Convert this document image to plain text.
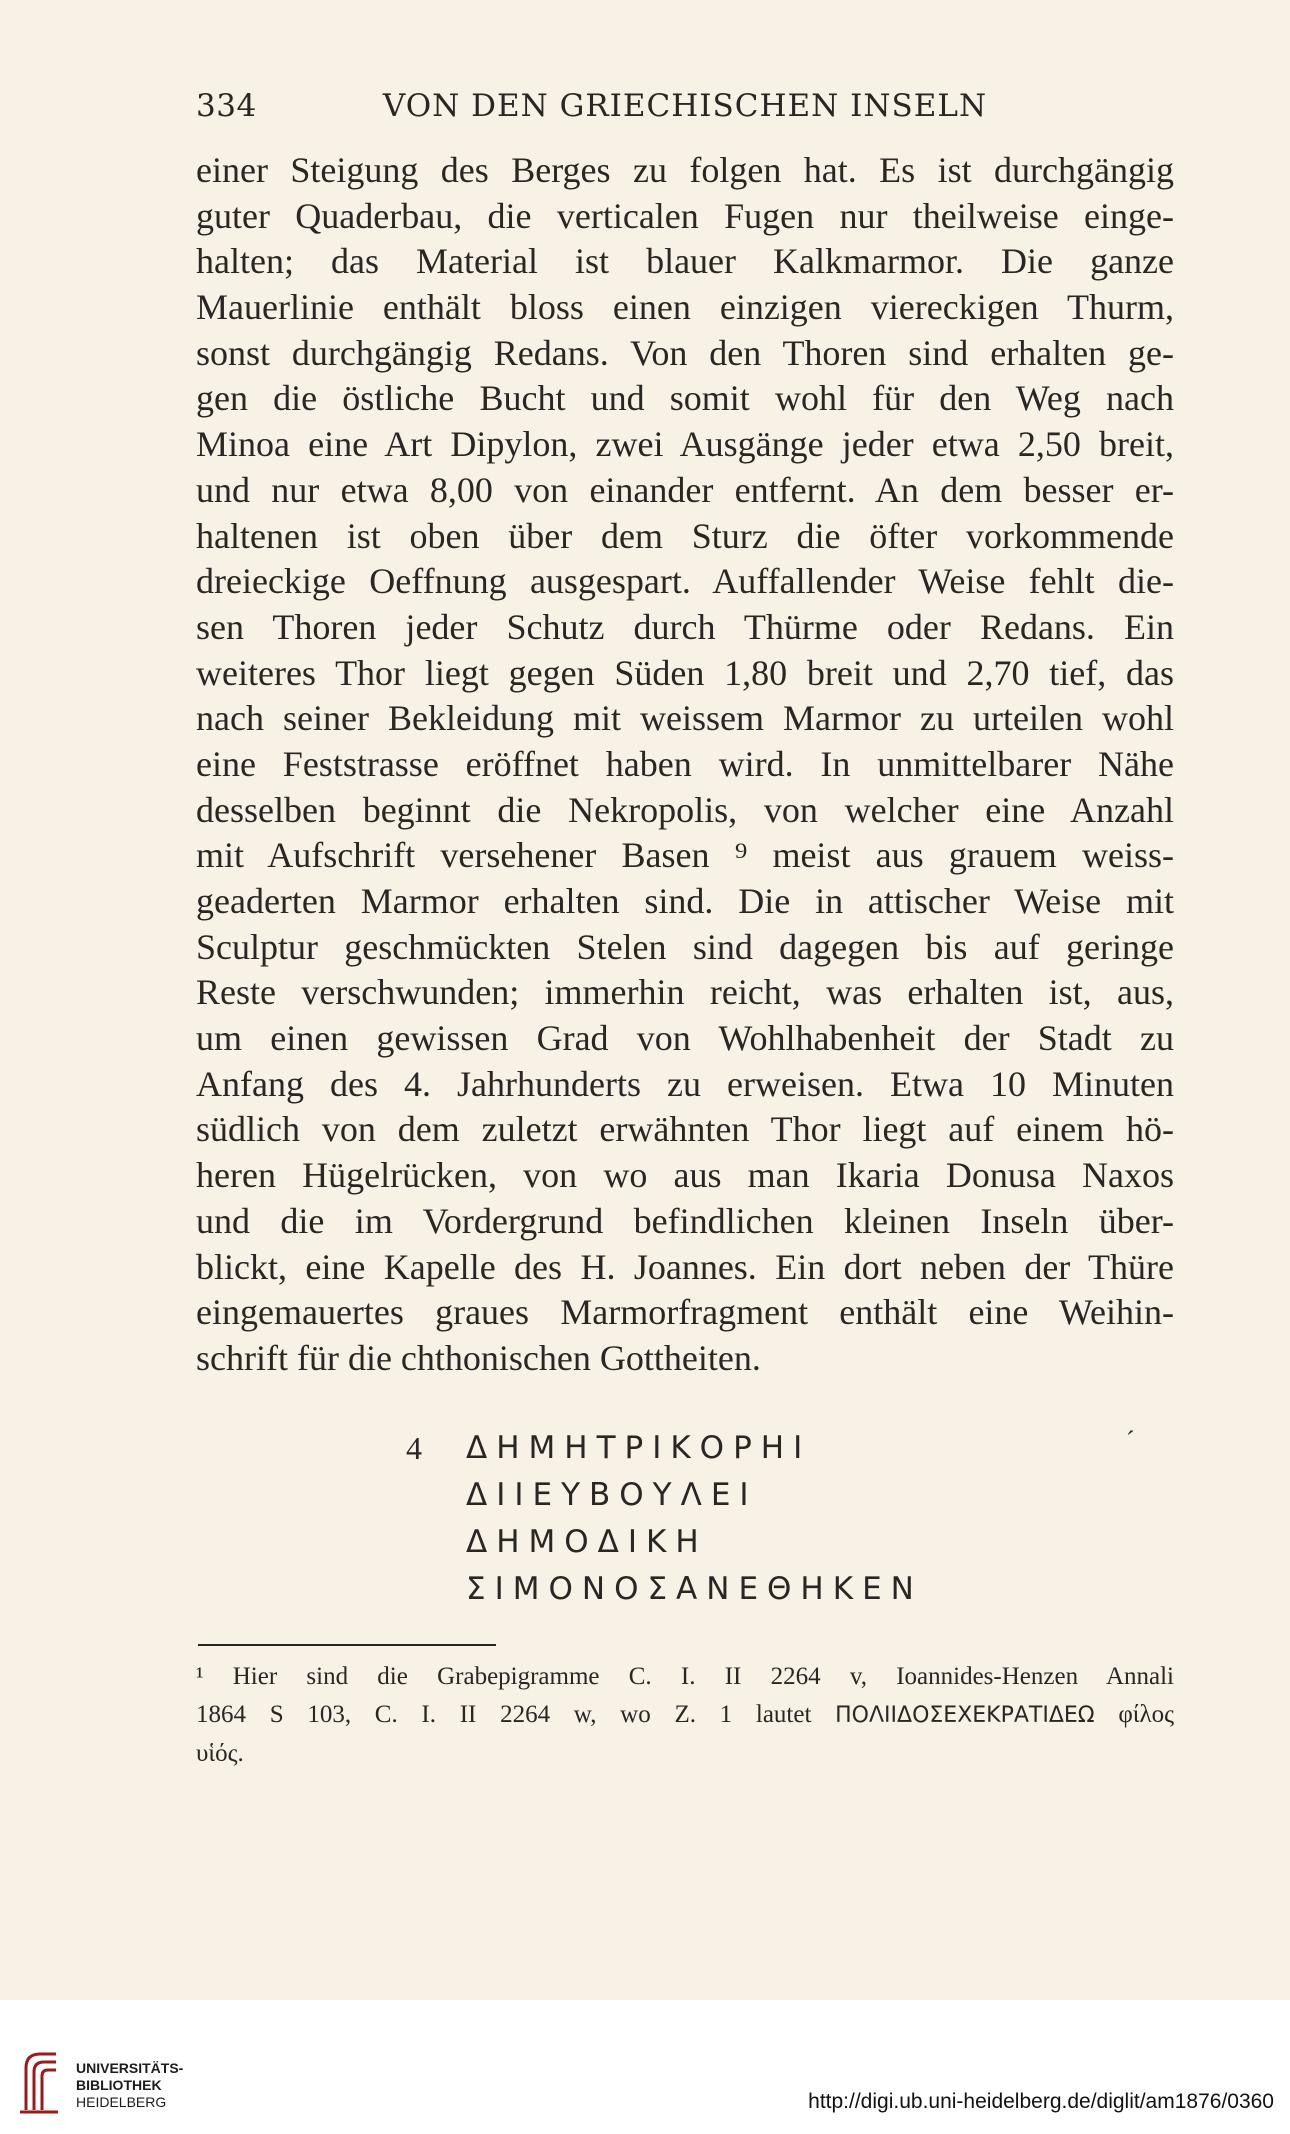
334	VON DEN GRIECHISCHEN INSELN
einer Steigung des Berges zu folgen hat. Es ist durchgängig
guter Quaderbau, die verticalen Fugen nur theilweise einge-
halten; das Material ist blauer Kalkmarmor. Die ganze
Mauerlinie enthält bloss einen einzigen viereckigen Thurm,
sonst durchgängig Redans. Von den Thoren sind erhalten ge-
gen die östliche Bucht und somit wohl für den Weg nach
Minoa eine Art Dipylon, zwei Ausgänge jeder etwa 2,50 breit,
und nur etwa 8,00 von einander entfernt. An dem besser er-
haltenen ist oben über dem Sturz die öfter vorkommende
dreieckige Oeffnung ausgespart. Auffallender Weise fehlt die-
sen Thoren jeder Schutz durch Thürme oder Redans. Ein
weiteres Thor liegt gegen Süden 1,80 breit und 2,70 tief, das
nach seiner Bekleidung mit weissem Marmor zu urteilen wohl
eine Feststrasse eröffnet haben wird. In unmittelbarer Nähe
desselben beginnt die Nekropolis, von welcher eine Anzahl
mit Aufschrift versehener Basen ⁹ meist aus grauem weiss-
geaderten Marmor erhalten sind. Die in attischer Weise mit
Sculptur geschmückten Stelen sind dagegen bis auf geringe
Reste verschwunden; immerhin reicht, was erhalten ist, aus,
um einen gewissen Grad von Wohlhabenheit der Stadt zu
Anfang des 4. Jahrhunderts zu erweisen. Etwa 10 Minuten
südlich von dem zuletzt erwähnten Thor liegt auf einem hö-
heren Hügelrücken, von wo aus man Ikaria Donusa Naxos
und die im Vordergrund befindlichen kleinen Inseln über-
blickt, eine Kapelle des H. Joannes. Ein dort neben der Thüre
eingemauertes graues Marmorfragment enthält eine Weihin-
schrift für die chthonischen Gottheiten.
4	´
ΔΗΜΗΤΡΙΚΟΡΗΙ
ΔΙΙΕΥΒΟΥΛΕΙ
ΔΗΜΟΔΙΚΗ
ΣΙΜΟΝΟΣΑΝΕΘΗΚΕΝ
¹ Hier sind die Grabepigramme C. I. II 2264 v, Ioannides-Henzen Annali
1864 S 103, C. I. II 2264 w, wo Z. 1 lautet ΠΟΛΙΙΔΟΣΕΧΕΚΡΑΤΙΔΕΩ φίλος
υἱός.
UNIVERSITÄTS-
BIBLIOTHEK
HEIDELBERG	http://digi.ub.uni-heidelberg.de/diglit/am1876/0360
